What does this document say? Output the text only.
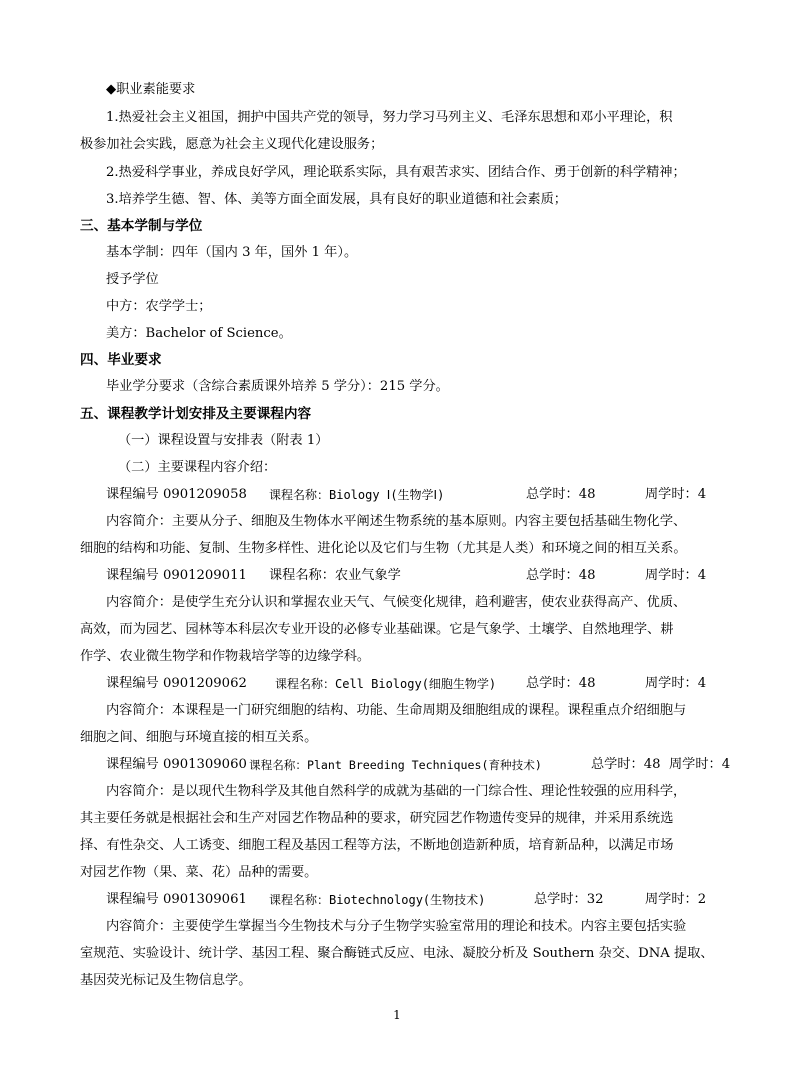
◆职业素能要求
1.热爱社会主义祖国，拥护中国共产党的领导，努力学习马列主义、毛泽东思想和邓小平理论，积
极参加社会实践，愿意为社会主义现代化建设服务；
2.热爱科学事业，养成良好学风，理论联系实际，具有艰苦求实、团结合作、勇于创新的科学精神；
3.培养学生德、智、体、美等方面全面发展，具有良好的职业道德和社会素质；
三、基本学制与学位
基本学制：四年（国内 3 年，国外 1 年）。
授予学位
中方：农学学士；
美方：Bachelor of Science。
四、毕业要求
毕业学分要求（含综合素质课外培养 5 学分）：215 学分。
五、课程教学计划安排及主要课程内容
（一）课程设置与安排表（附表 1）
（二）主要课程内容介绍：
课程编号 0901209058 课程名称：Biology Ⅰ(生物学Ⅰ)	总学时：48	周学时：4
内容简介：主要从分子、细胞及生物体水平阐述生物系统的基本原则。内容主要包括基础生物化学、
细胞的结构和功能、复制、生物多样性、进化论以及它们与生物（尤其是人类）和环境之间的相互关系。
课程编号 0901209011 课程名称：农业气象学	总学时：48	周学时：4
内容简介：是使学生充分认识和掌握农业天气、气候变化规律，趋利避害，使农业获得高产、优质、
高效，而为园艺、园林等本科层次专业开设的必修专业基础课。它是气象学、土壤学、自然地理学、耕
作学、农业微生物学和作物栽培学等的边缘学科。
课程编号 0901209062 课程名称：Cell Biology(细胞生物学) 总学时：48	周学时：4
内容简介：本课程是一门研究细胞的结构、功能、生命周期及细胞组成的课程。课程重点介绍细胞与
细胞之间、细胞与环境直接的相互关系。
课程编号 0901309060 课程名称：Plant Breeding Techniques(育种技术)	总学时：48 周学时：4
内容简介：是以现代生物科学及其他自然科学的成就为基础的一门综合性、理论性较强的应用科学，
其主要任务就是根据社会和生产对园艺作物品种的要求，研究园艺作物遗传变异的规律，并采用系统选
择、有性杂交、人工诱变、细胞工程及基因工程等方法，不断地创造新种质，培育新品种，以满足市场
对园艺作物（果、菜、花）品种的需要。
课程编号 0901309061 课程名称：Biotechnology(生物技术)	总学时：32	周学时：2
内容简介：主要使学生掌握当今生物技术与分子生物学实验室常用的理论和技术。内容主要包括实验
室规范、实验设计、统计学、基因工程、聚合酶链式反应、电泳、凝胶分析及 Southern 杂交、DNA 提取、
基因荧光标记及生物信息学。
1
